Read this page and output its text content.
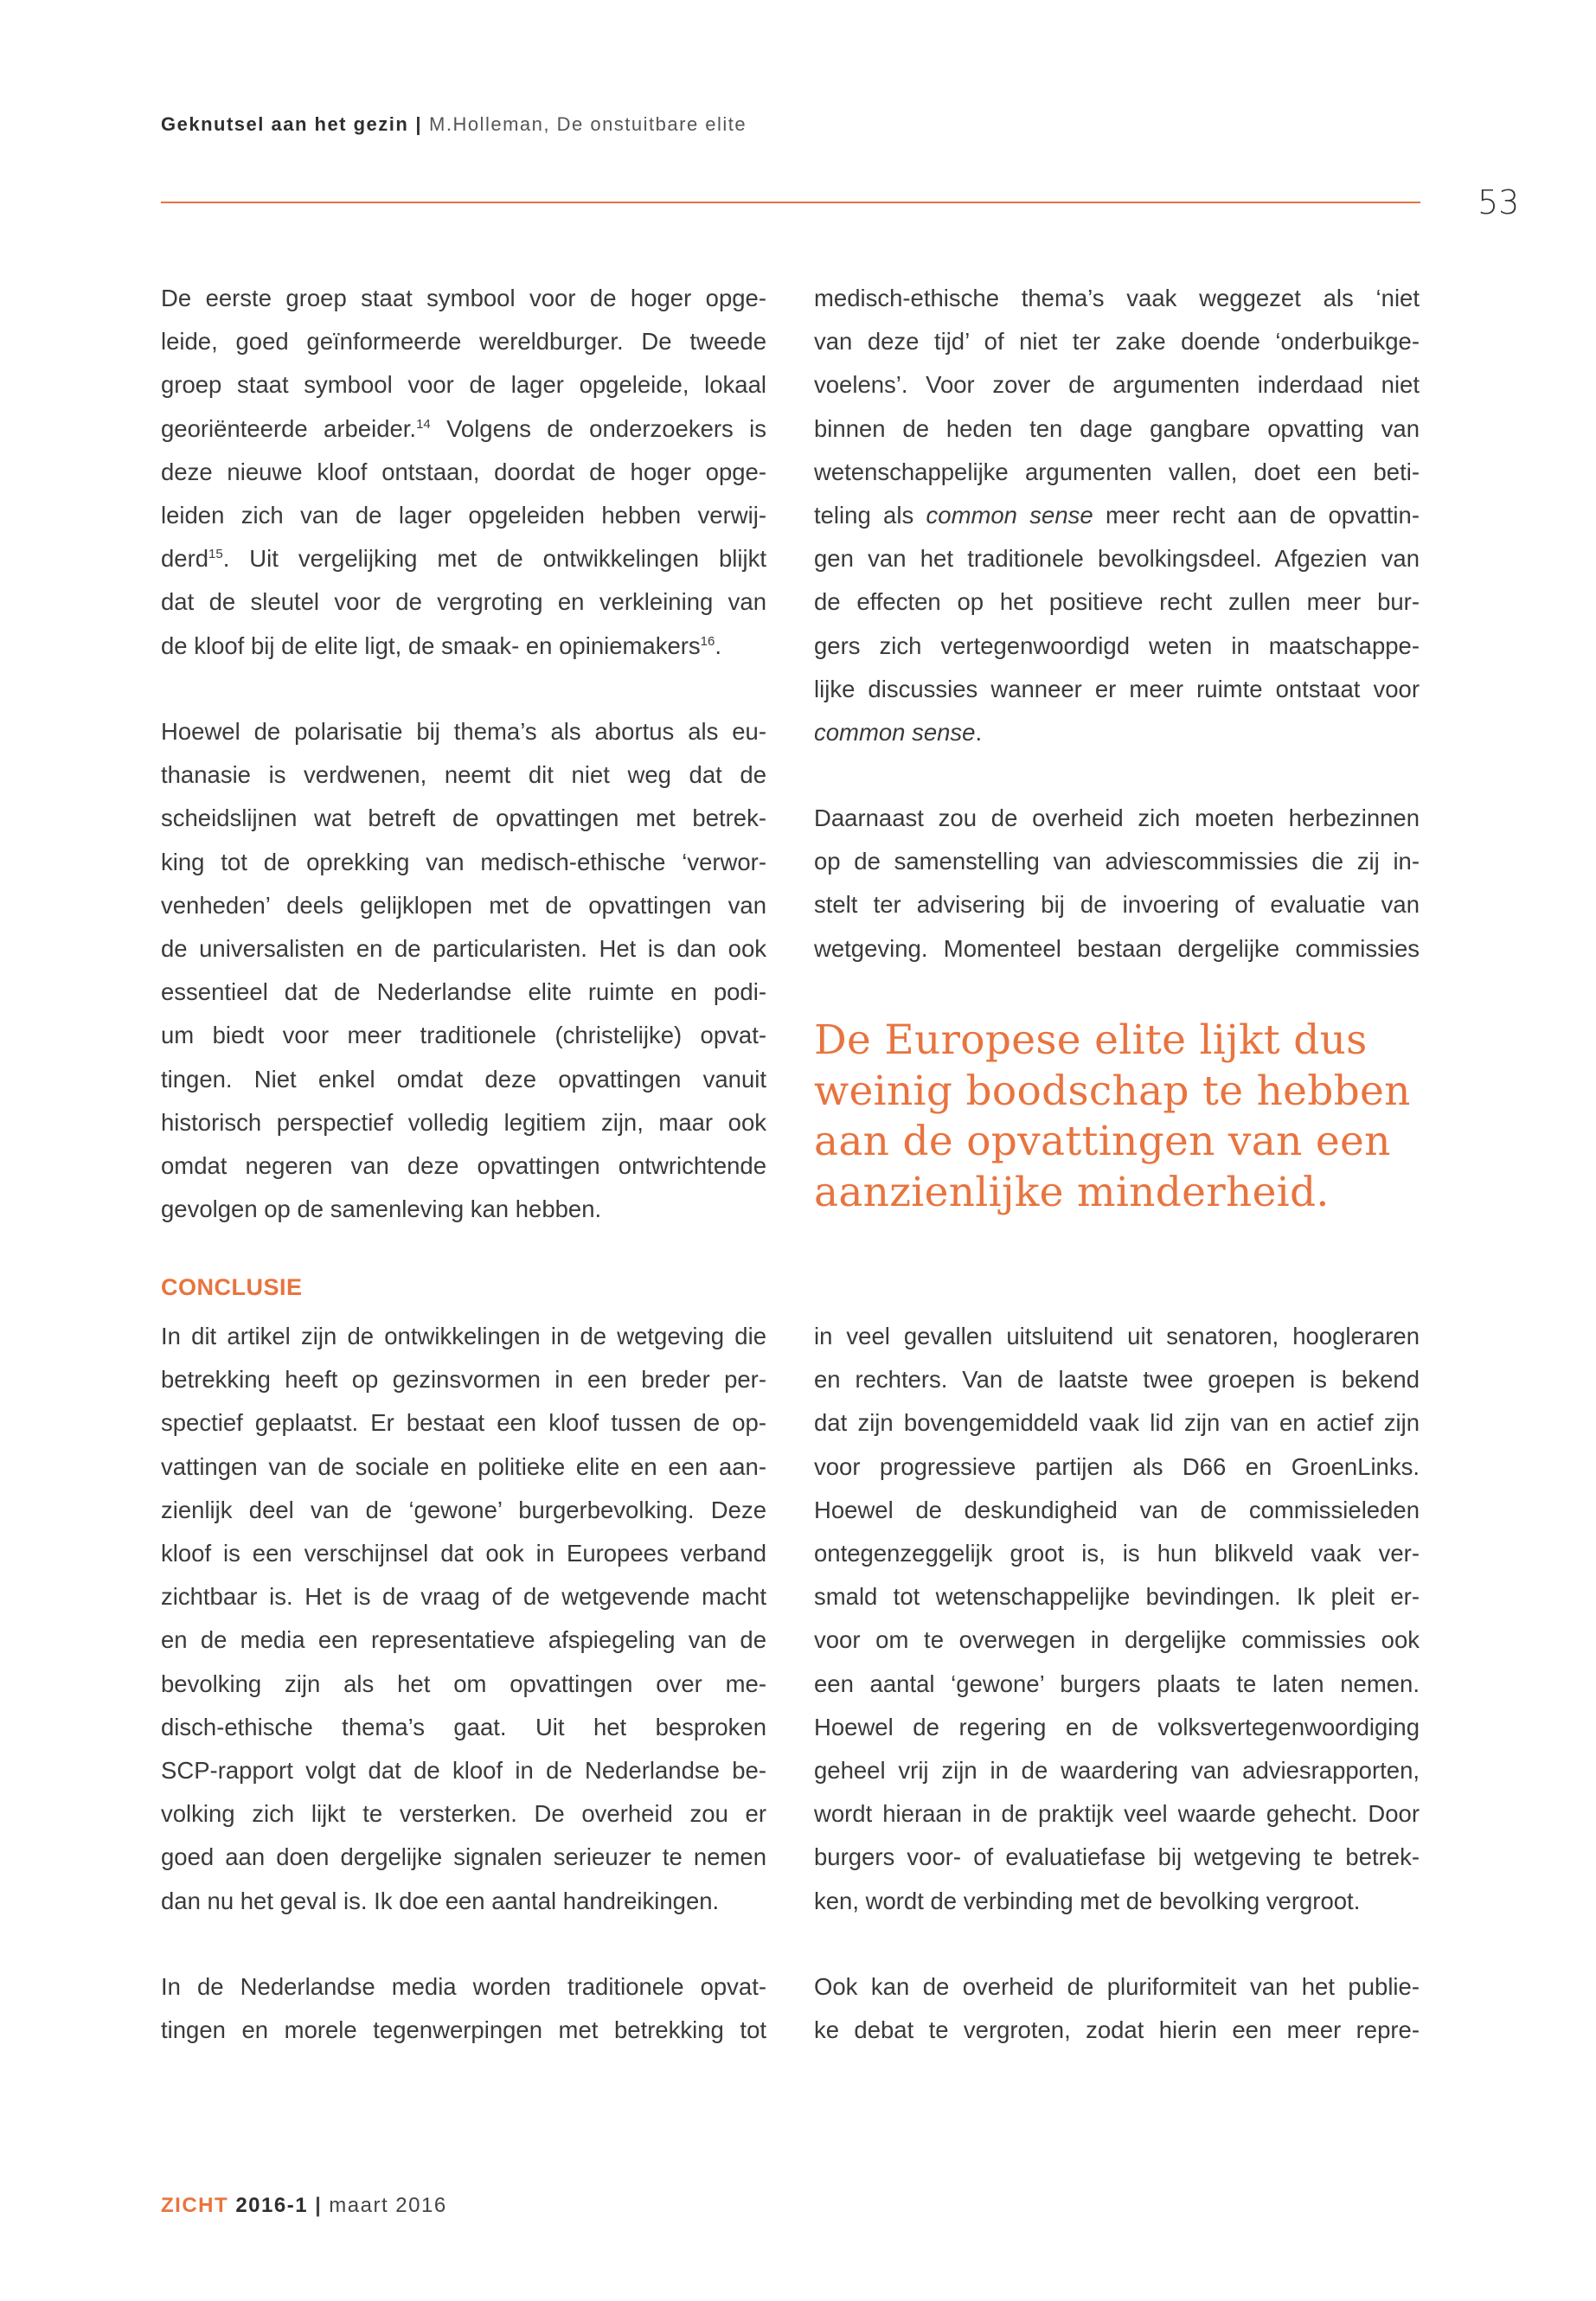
Geknutsel aan het gezin | M.Holleman, De onstuitbare elite
53
De eerste groep staat symbool voor de hoger opge-
leide, goed geïnformeerde wereldburger. De tweede
groep staat symbool voor de lager opgeleide, lokaal
georiënteerde arbeider.$^{14}$ Volgens de onderzoekers is
deze nieuwe kloof ontstaan, doordat de hoger opge-
leiden zich van de lager opgeleiden hebben verwij-
derd$^{15}$. Uit vergelijking met de ontwikkelingen blijkt
dat de sleutel voor de vergroting en verkleining van
de kloof bij de elite ligt, de smaak- en opiniemakers$^{16}$.
Hoewel de polarisatie bij thema’s als abortus als eu-
thanasie is verdwenen, neemt dit niet weg dat de
scheidslijnen wat betreft de opvattingen met betrek-
king tot de oprekking van medisch-ethische ‘verwor-
venheden’ deels gelijklopen met de opvattingen van
de universalisten en de particularisten. Het is dan ook
essentieel dat de Nederlandse elite ruimte en podi-
um biedt voor meer traditionele (christelijke) opvat-
tingen. Niet enkel omdat deze opvattingen vanuit
historisch perspectief volledig legitiem zijn, maar ook
omdat negeren van deze opvattingen ontwrichtende
gevolgen op de samenleving kan hebben.
medisch-ethische thema’s vaak weggezet als ‘niet
van deze tijd’ of niet ter zake doende ‘onderbuikge-
voelens’. Voor zover de argumenten inderdaad niet
binnen de heden ten dage gangbare opvatting van
wetenschappelijke argumenten vallen, doet een beti-
teling als common sense meer recht aan de opvattin-
gen van het traditionele bevolkingsdeel. Afgezien van
de effecten op het positieve recht zullen meer bur-
gers zich vertegenwoordigd weten in maatschappe-
lijke discussies wanneer er meer ruimte ontstaat voor
common sense.
Daarnaast zou de overheid zich moeten herbezinnen
op de samenstelling van adviescommissies die zij in-
stelt ter advisering bij de invoering of evaluatie van
wetgeving. Momenteel bestaan dergelijke commissies
De Europese elite lijkt dus
weinig boodschap te hebben
aan de opvattingen van een
aanzienlijke minderheid.
CONCLUSIE
In dit artikel zijn de ontwikkelingen in de wetgeving die
betrekking heeft op gezinsvormen in een breder per-
spectief geplaatst. Er bestaat een kloof tussen de op-
vattingen van de sociale en politieke elite en een aan-
zienlijk deel van de ‘gewone’ burgerbevolking. Deze
kloof is een verschijnsel dat ook in Europees verband
zichtbaar is. Het is de vraag of de wetgevende macht
en de media een representatieve afspiegeling van de
bevolking zijn als het om opvattingen over me-
disch-ethische thema’s gaat. Uit het besproken
SCP-rapport volgt dat de kloof in de Nederlandse be-
volking zich lijkt te versterken. De overheid zou er
goed aan doen dergelijke signalen serieuzer te nemen
dan nu het geval is. Ik doe een aantal handreikingen.
In de Nederlandse media worden traditionele opvat-
tingen en morele tegenwerpingen met betrekking tot
in veel gevallen uitsluitend uit senatoren, hoogleraren
en rechters. Van de laatste twee groepen is bekend
dat zijn bovengemiddeld vaak lid zijn van en actief zijn
voor progressieve partijen als D66 en GroenLinks.
Hoewel de deskundigheid van de commissieleden
ontegenzeggelijk groot is, is hun blikveld vaak ver-
smald tot wetenschappelijke bevindingen. Ik pleit er-
voor om te overwegen in dergelijke commissies ook
een aantal ‘gewone’ burgers plaats te laten nemen.
Hoewel de regering en de volksvertegenwoordiging
geheel vrij zijn in de waardering van adviesrapporten,
wordt hieraan in de praktijk veel waarde gehecht. Door
burgers voor- of evaluatiefase bij wetgeving te betrek-
ken, wordt de verbinding met de bevolking vergroot.
Ook kan de overheid de pluriformiteit van het publie-
ke debat te vergroten, zodat hierin een meer repre-
ZICHT 2016-1 | maart 2016
